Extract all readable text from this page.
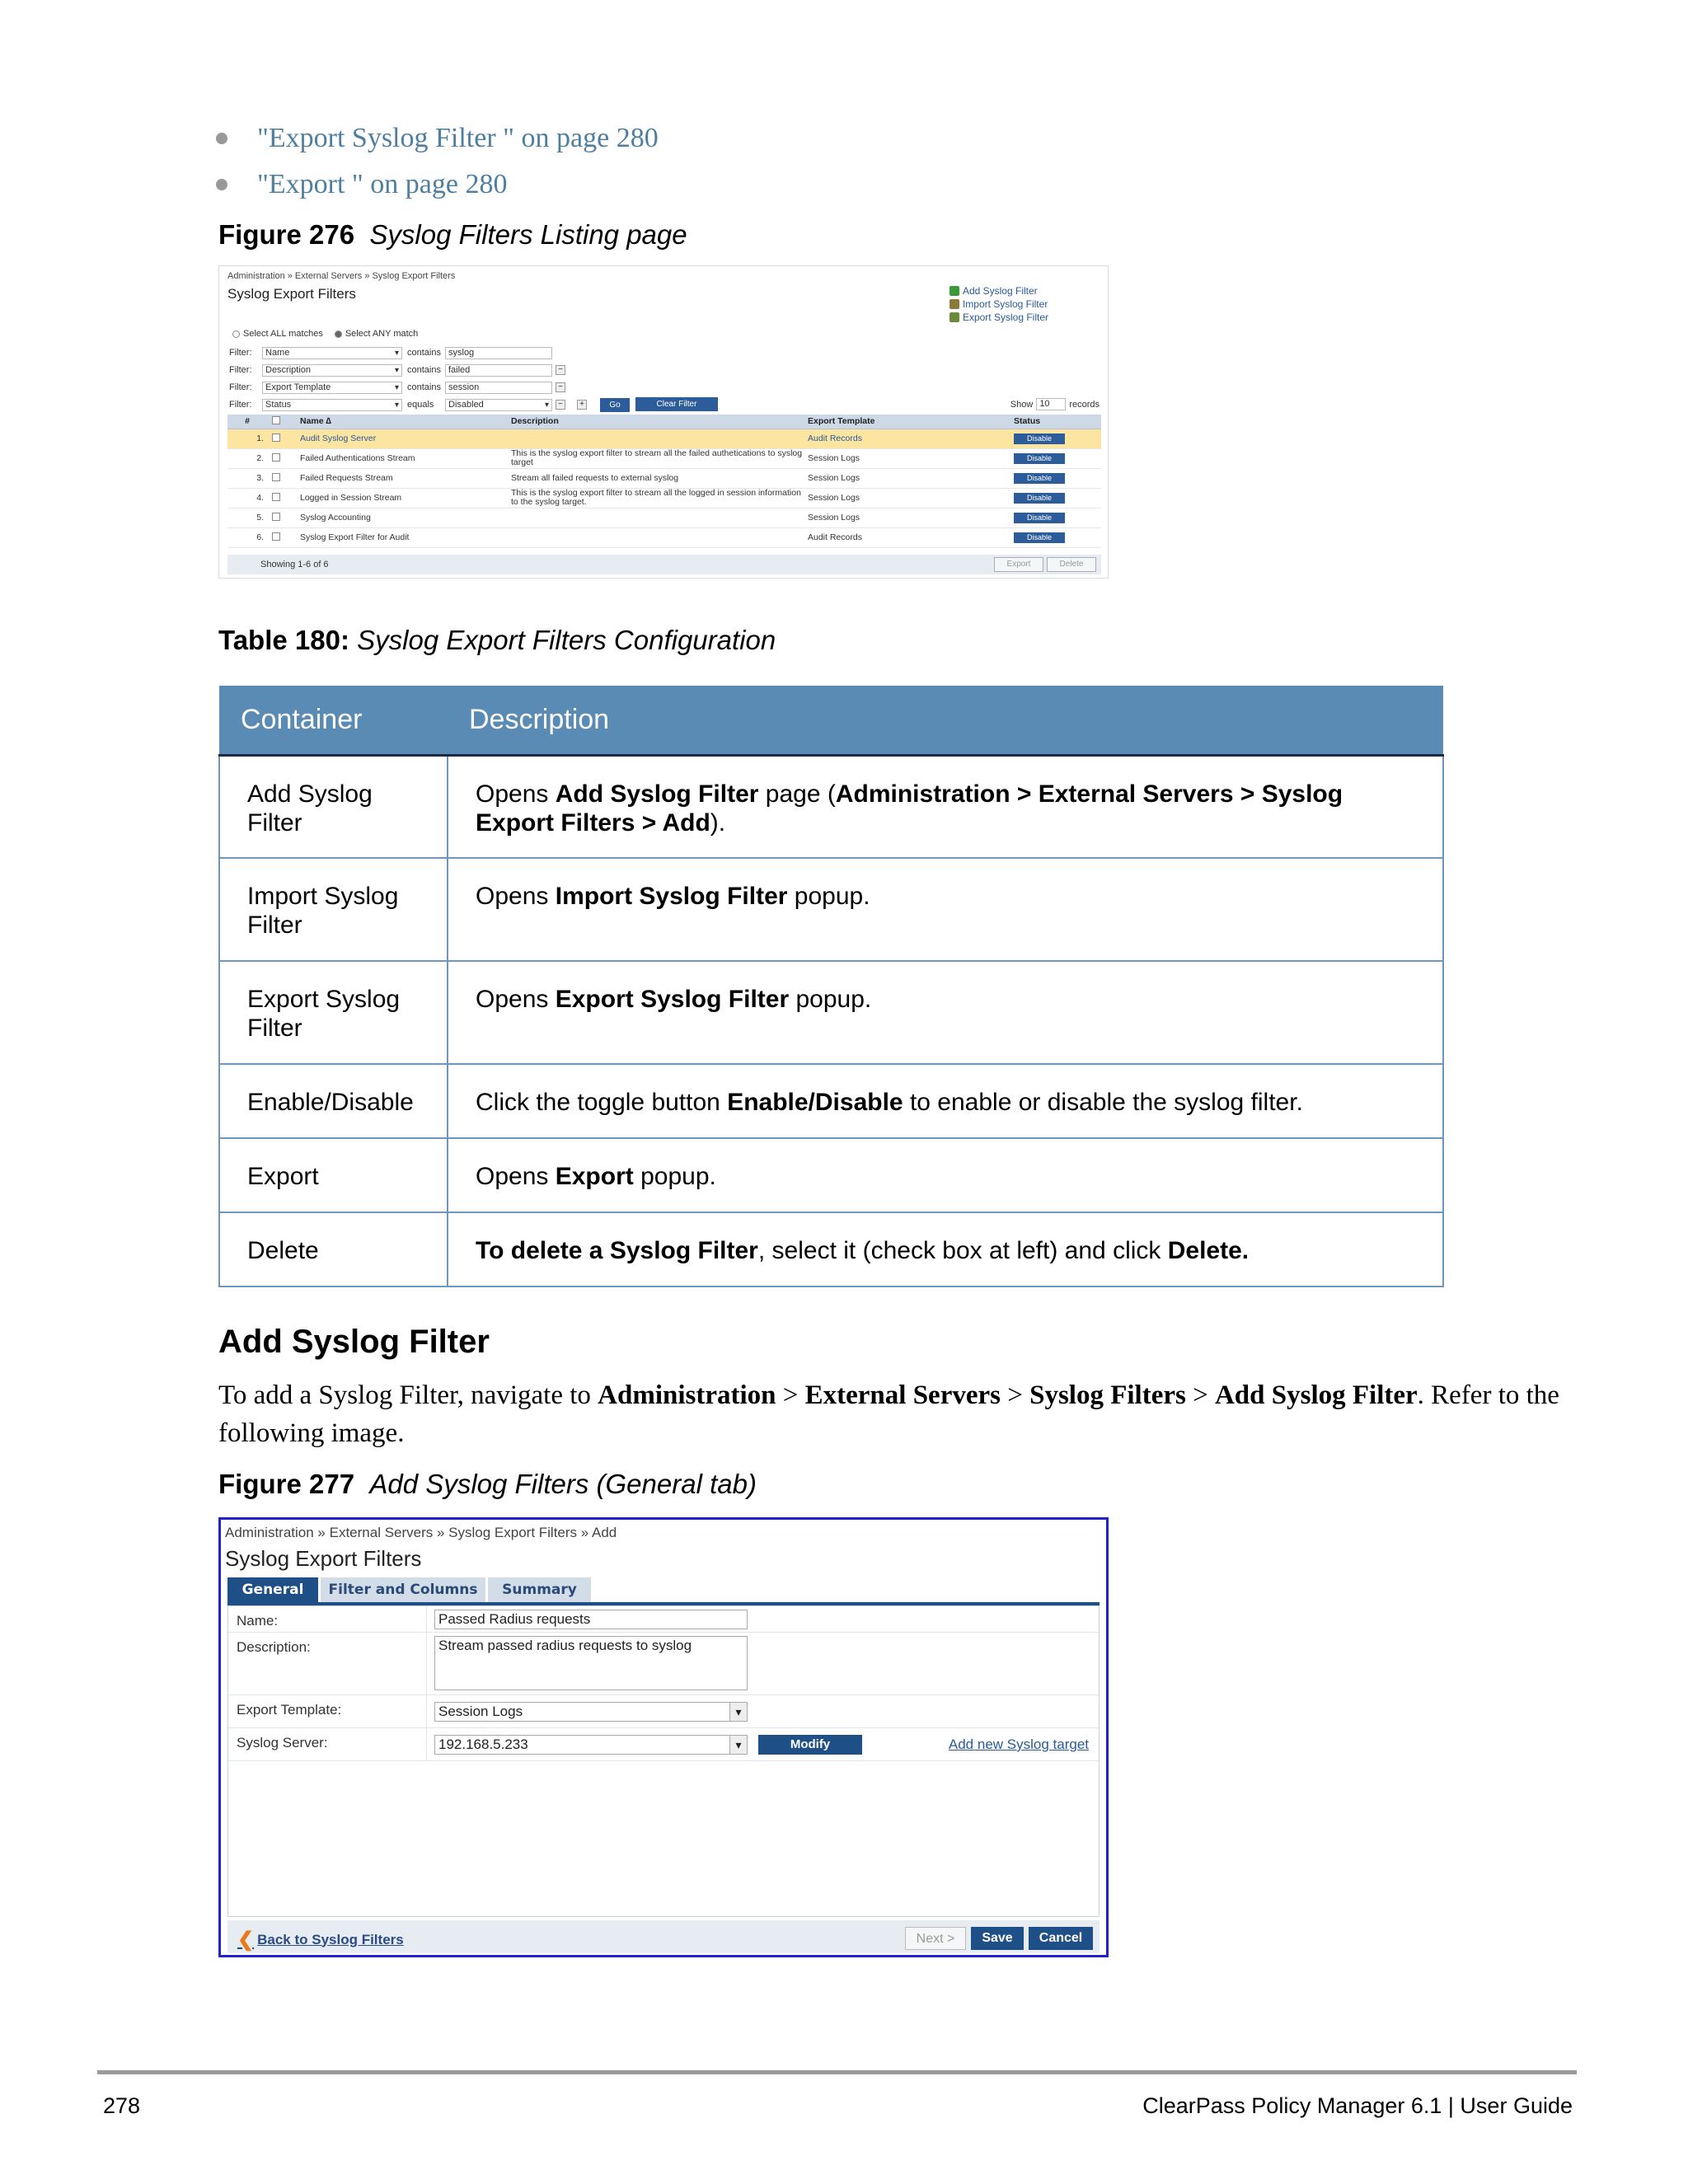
"Export Syslog Filter " on page 280
"Export " on page 280
Figure 276 Syslog Filters Listing page
Administration » External Servers » Syslog Export Filters
Syslog Export Filters	Add Syslog Filter
Import Syslog Filter
Export Syslog Filter
Select ALL matches	Select ANY match
Filter:	Name ▾	contains syslog
Filter:	Description ▾	contains failed	−
Filter:	Export Template ▾	contains session	−
Filter:	Status ▾	equals	Disabled ▾	−	+	Go	Clear Filter	Show 10	records
#		Name ∆	Description	Export Template	Status
1.		Audit Syslog Server		Audit Records	Disable
2.		Failed Authentications Stream	This is the syslog export filter to stream all the failed authetications to syslog target	Session Logs	Disable
3.		Failed Requests Stream	Stream all failed requests to external syslog	Session Logs	Disable
4.		Logged in Session Stream	This is the syslog export filter to stream all the logged in session information to the syslog target.	Session Logs	Disable
5.		Syslog Accounting		Session Logs	Disable
6.		Syslog Export Filter for Audit		Audit Records	Disable
Showing 1-6 of 6	Export	Delete
Table 180: Syslog Export Filters Configuration
Container	Description
Add Syslog Filter	Opens Add Syslog Filter page (Administration > External Servers > Syslog Export Filters > Add).
Import Syslog Filter	Opens Import Syslog Filter popup.
Export Syslog Filter	Opens Export Syslog Filter popup.
Enable/Disable	Click the toggle button Enable/Disable to enable or disable the syslog filter.
Export	Opens Export popup.
Delete	To delete a Syslog Filter, select it (check box at left) and click Delete.
Add Syslog Filter
To add a Syslog Filter, navigate to Administration > External Servers > Syslog Filters > Add Syslog Filter. Refer to the following image.
Figure 277 Add Syslog Filters (General tab)
Administration » External Servers » Syslog Export Filters » Add
Syslog Export Filters
General	Filter and Columns	Summary
Name:	Passed Radius requests
Description:	Stream passed radius requests to syslog
Export Template:	Session Logs ▾
Syslog Server:	192.168.5.233 ▾	Modify	Add new Syslog target
❮ Back to Syslog Filters	Next >	Save	Cancel
278	ClearPass Policy Manager 6.1 | User Guide
